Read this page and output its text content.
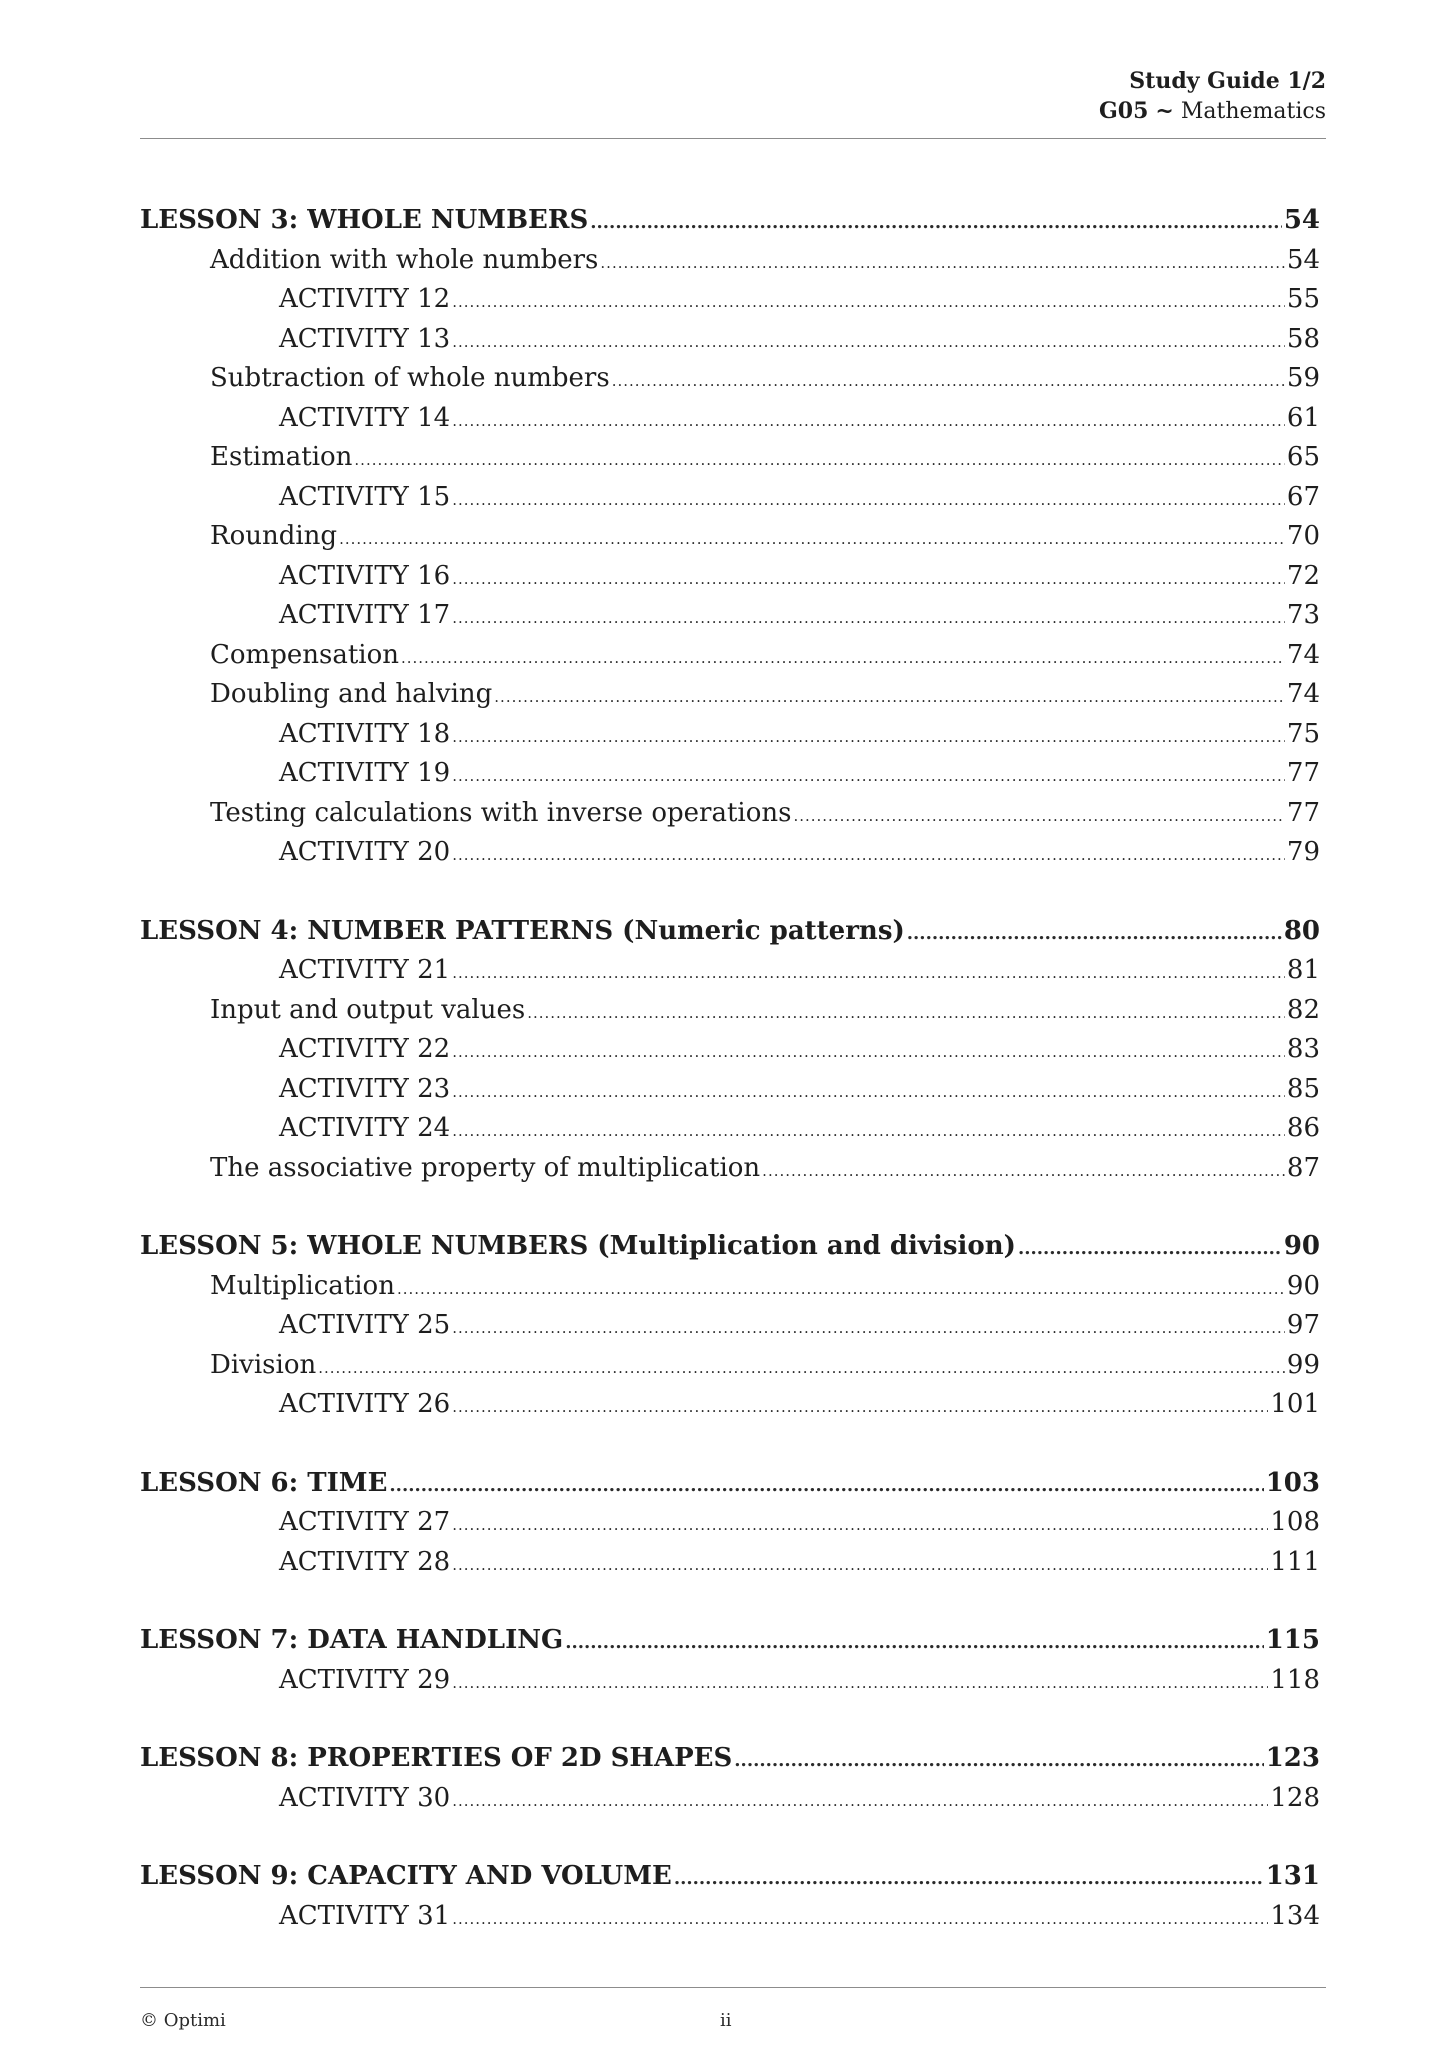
Study Guide 1/2
G05 ~ Mathematics
LESSON 3: WHOLE NUMBERS .....	54
Addition with whole numbers .....	54
ACTIVITY 12 .....	55
ACTIVITY 13 .....	58
Subtraction of whole numbers .....	59
ACTIVITY 14 .....	61
Estimation .....	65
ACTIVITY 15 .....	67
Rounding .....	70
ACTIVITY 16 .....	72
ACTIVITY 17 .....	73
Compensation .....	74
Doubling and halving .....	74
ACTIVITY 18 .....	75
ACTIVITY 19 .....	77
Testing calculations with inverse operations .....	77
ACTIVITY 20 .....	79
LESSON 4: NUMBER PATTERNS (Numeric patterns) .....	80
ACTIVITY 21 .....	81
Input and output values .....	82
ACTIVITY 22 .....	83
ACTIVITY 23 .....	85
ACTIVITY 24 .....	86
The associative property of multiplication .....	87
LESSON 5: WHOLE NUMBERS (Multiplication and division) .....	90
Multiplication .....	90
ACTIVITY 25 .....	97
Division .....	99
ACTIVITY 26 .....	101
LESSON 6: TIME .....	103
ACTIVITY 27 .....	108
ACTIVITY 28 .....	111
LESSON 7: DATA HANDLING .....	115
ACTIVITY 29 .....	118
LESSON 8: PROPERTIES OF 2D SHAPES .....	123
ACTIVITY 30 .....	128
LESSON 9: CAPACITY AND VOLUME .....	131
ACTIVITY 31 .....	134
© Optimi	ii
